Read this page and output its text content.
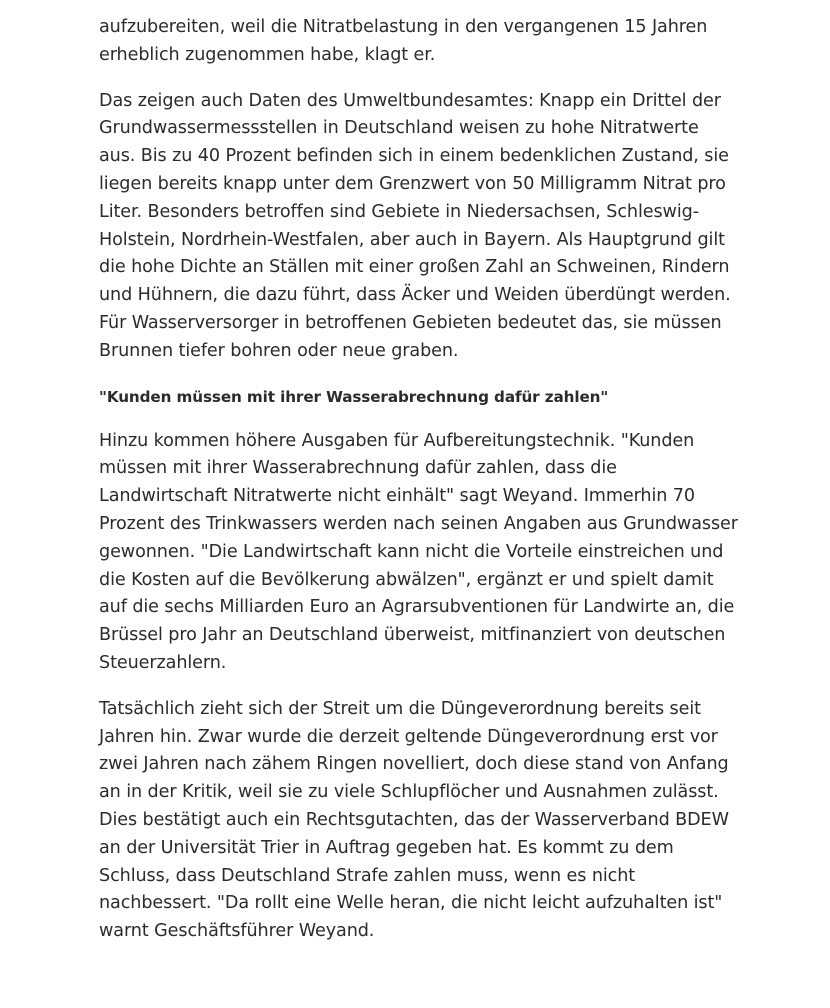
aufzubereiten, weil die Nitratbelastung in den vergangenen 15 Jahren erheblich zugenommen habe, klagt er.

Das zeigen auch Daten des Umweltbundesamtes: Knapp ein Drittel der Grundwassermessstellen in Deutschland weisen zu hohe Nitratwerte aus. Bis zu 40 Prozent befinden sich in einem bedenklichen Zustand, sie liegen bereits knapp unter dem Grenzwert von 50 Milligramm Nitrat pro Liter. Besonders betroffen sind Gebiete in Niedersachsen, Schleswig-Holstein, Nordrhein-Westfalen, aber auch in Bayern. Als Hauptgrund gilt die hohe Dichte an Ställen mit einer großen Zahl an Schweinen, Rindern und Hühnern, die dazu führt, dass Äcker und Weiden überdüngt werden. Für Wasserversorger in betroffenen Gebieten bedeutet das, sie müssen Brunnen tiefer bohren oder neue graben.

"Kunden müssen mit ihrer Wasserabrechnung dafür zahlen"

Hinzu kommen höhere Ausgaben für Aufbereitungstechnik. "Kunden müssen mit ihrer Wasserabrechnung dafür zahlen, dass die Landwirtschaft Nitratwerte nicht einhält" sagt Weyand. Immerhin 70 Prozent des Trinkwassers werden nach seinen Angaben aus Grundwasser gewonnen. "Die Landwirtschaft kann nicht die Vorteile einstreichen und die Kosten auf die Bevölkerung abwälzen", ergänzt er und spielt damit auf die sechs Milliarden Euro an Agrarsubventionen für Landwirte an, die Brüssel pro Jahr an Deutschland überweist, mitfinanziert von deutschen Steuerzahlern.

Tatsächlich zieht sich der Streit um die Düngeverordnung bereits seit Jahren hin. Zwar wurde die derzeit geltende Düngeverordnung erst vor zwei Jahren nach zähem Ringen novelliert, doch diese stand von Anfang an in der Kritik, weil sie zu viele Schlupflöcher und Ausnahmen zulässt. Dies bestätigt auch ein Rechtsgutachten, das der Wasserverband BDEW an der Universität Trier in Auftrag gegeben hat. Es kommt zu dem Schluss, dass Deutschland Strafe zahlen muss, wenn es nicht nachbessert. "Da rollt eine Welle heran, die nicht leicht aufzuhalten ist" warnt Geschäftsführer Weyand.
